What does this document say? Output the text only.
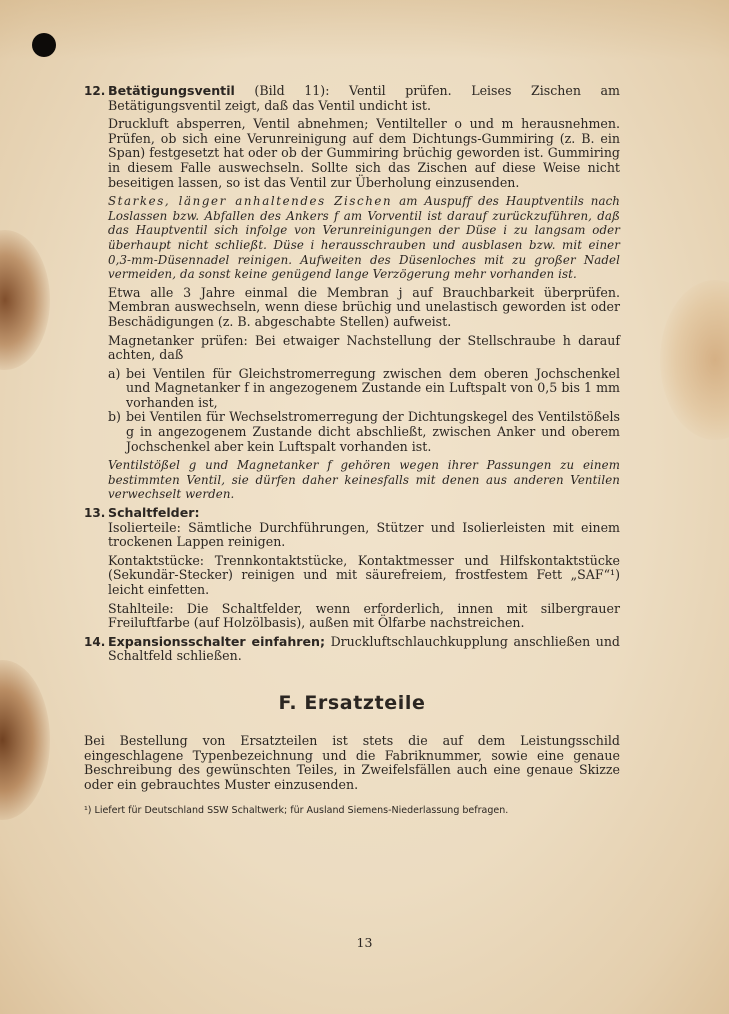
12. Betätigungsventil (Bild 11): Ventil prüfen. Leises Zischen am Betätigungsventil zeigt, daß das Ventil undicht ist.

Druckluft absperren, Ventil abnehmen; Ventilteller o und m herausnehmen. Prüfen, ob sich eine Verunreinigung auf dem Dichtungs-Gummiring (z. B. ein Span) festgesetzt hat oder ob der Gummiring brüchig geworden ist. Gummiring in diesem Falle auswechseln. Sollte sich das Zischen auf diese Weise nicht beseitigen lassen, so ist das Ventil zur Überholung einzusenden.

Starkes, länger anhaltendes Zischen am Auspuff des Hauptventils nach Loslassen bzw. Abfallen des Ankers f am Vorventil ist darauf zurückzuführen, daß das Hauptventil sich infolge von Verunreinigungen der Düse i zu langsam oder überhaupt nicht schließt. Düse i herausschrauben und ausblasen bzw. mit einer 0,3-mm-Düsennadel reinigen. Aufweiten des Düsenloches mit zu großer Nadel vermeiden, da sonst keine genügend lange Verzögerung mehr vorhanden ist.

Etwa alle 3 Jahre einmal die Membran j auf Brauchbarkeit überprüfen. Membran auswechseln, wenn diese brüchig und unelastisch geworden ist oder Beschädigungen (z. B. abgeschabte Stellen) aufweist.

Magnetanker prüfen: Bei etwaiger Nachstellung der Stellschraube h darauf achten, daß

a) bei Ventilen für Gleichstromerregung zwischen dem oberen Jochschenkel und Magnetanker f in angezogenem Zustande ein Luftspalt von 0,5 bis 1 mm vorhanden ist,
b) bei Ventilen für Wechselstromerregung der Dichtungskegel des Ventilstößels g in angezogenem Zustande dicht abschließt, zwischen Anker und oberem Jochschenkel aber kein Luftspalt vorhanden ist.

Ventilstößel g und Magnetanker f gehören wegen ihrer Passungen zu einem bestimmten Ventil, sie dürfen daher keinesfalls mit denen aus anderen Ventilen verwechselt werden.

13. Schaltfelder:

Isolierteile: Sämtliche Durchführungen, Stützer und Isolierleisten mit einem trockenen Lappen reinigen.

Kontaktstücke: Trennkontaktstücke, Kontaktmesser und Hilfskontaktstücke (Sekundär-Stecker) reinigen und mit säurefreiem, frostfestem Fett „SAF“¹) leicht einfetten.

Stahlteile: Die Schaltfelder, wenn erforderlich, innen mit silbergrauer Freiluftfarbe (auf Holzölbasis), außen mit Ölfarbe nachstreichen.

14. Expansionsschalter einfahren; Druckluftschlauchkupplung anschließen und Schaltfeld schließen.

F. Ersatzteile

Bei Bestellung von Ersatzteilen ist stets die auf dem Leistungsschild eingeschlagene Typenbezeichnung und die Fabriknummer, sowie eine genaue Beschreibung des gewünschten Teiles, in Zweifelsfällen auch eine genaue Skizze oder ein gebrauchtes Muster einzusenden.

¹) Liefert für Deutschland SSW Schaltwerk; für Ausland Siemens-Niederlassung befragen.

13
